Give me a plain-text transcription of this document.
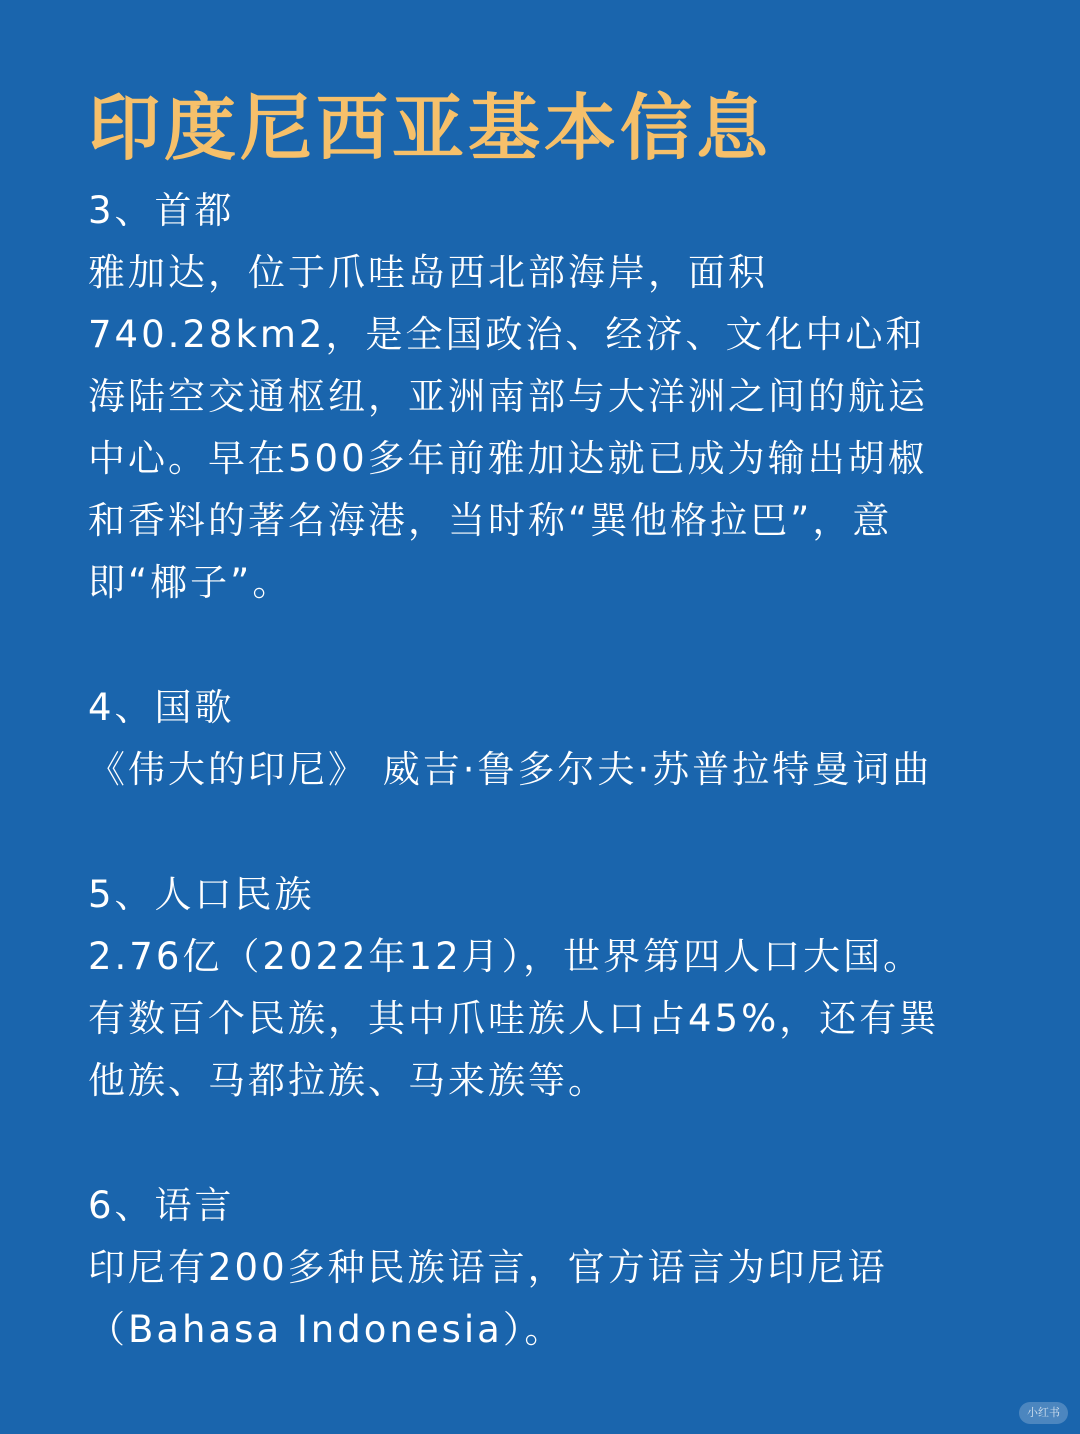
印度尼西亚基本信息
3、首都
雅加达，位于爪哇岛西北部海岸，面积
740.28km2，是全国政治、经济、文化中心和
海陆空交通枢纽，亚洲南部与大洋洲之间的航运
中心。早在500多年前雅加达就已成为输出胡椒
和香料的著名海港，当时称“巽他格拉巴”，意
即“椰子”。
4、国歌
《伟大的印尼》 威吉·鲁多尔夫·苏普拉特曼词曲
5、人口民族
2.76亿（2022年12月），世界第四人口大国。
有数百个民族，其中爪哇族人口占45%，还有巽
他族、马都拉族、马来族等。
6、语言
印尼有200多种民族语言，官方语言为印尼语
（Bahasa Indonesia）。
小红书
